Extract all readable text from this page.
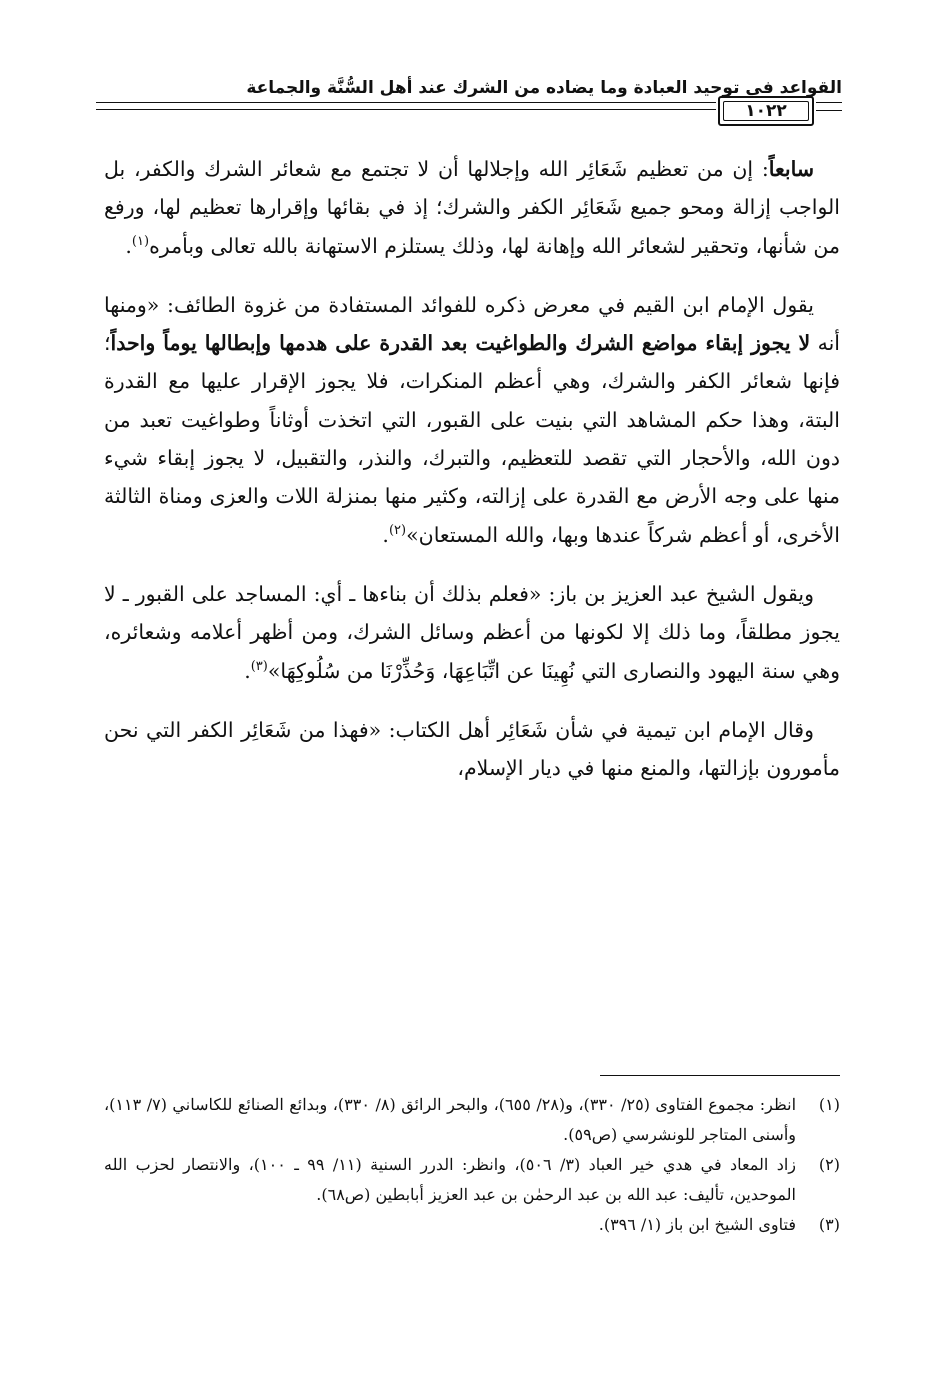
القواعد في توحيد العبادة وما يضاده من الشرك عند أهل السُّنَّة والجماعة
١٠٢٢

سابعاً: إن من تعظيم شَعَائِر الله وإجلالها أن لا تجتمع مع شعائر الشرك والكفر، بل الواجب إزالة ومحو جميع شَعَائِر الكفر والشرك؛ إذ في بقائها وإقرارها تعظيم لها، ورفع من شأنها، وتحقير لشعائر الله وإهانة لها، وذلك يستلزم الاستهانة بالله تعالى وبأمره$^{(١)}$.

يقول الإمام ابن القيم في معرض ذكره للفوائد المستفادة من غزوة الطائف: «ومنها أنه لا يجوز إبقاء مواضع الشرك والطواغيت بعد القدرة على هدمها وإبطالها يوماً واحداً؛ فإنها شعائر الكفر والشرك، وهي أعظم المنكرات، فلا يجوز الإقرار عليها مع القدرة البتة، وهذا حكم المشاهد التي بنيت على القبور، التي اتخذت أوثاناً وطواغيت تعبد من دون الله، والأحجار التي تقصد للتعظيم، والتبرك، والنذر، والتقبيل، لا يجوز إبقاء شيء منها على وجه الأرض مع القدرة على إزالته، وكثير منها بمنزلة اللات والعزى ومناة الثالثة الأخرى، أو أعظم شركاً عندها وبها، والله المستعان»$^{(٢)}$.

ويقول الشيخ عبد العزيز بن باز: «فعلم بذلك أن بناءها ـ أي: المساجد على القبور ـ لا يجوز مطلقاً، وما ذلك إلا لكونها من أعظم وسائل الشرك، ومن أظهر أعلامه وشعائره، وهي سنة اليهود والنصارى التي نُهِينَا عن اتِّبَاعِهَا، وَحُذِّرْنَا من سُلُوكِهَا»$^{(٣)}$.

وقال الإمام ابن تيمية في شأن شَعَائِر أهل الكتاب: «فهذا من شَعَائِر الكفر التي نحن مأمورون بإزالتها، والمنع منها في ديار الإسلام،

(١)
انظر: مجموع الفتاوى (٢٥/ ٣٣٠)، و(٢٨/ ٦٥٥)، والبحر الرائق (٨/ ٣٣٠)، وبدائع الصنائع للكاساني (٧/ ١١٣)، وأسنى المتاجر للونشرسي (ص٥٩).
(٢)
زاد المعاد في هدي خير العباد (٣/ ٥٠٦)، وانظر: الدرر السنية (١١/ ٩٩ ـ ١٠٠)، والانتصار لحزب الله الموحدين، تأليف: عبد الله بن عبد الرحمٰن بن عبد العزيز أبابطين (ص٦٨).
(٣)
فتاوى الشيخ ابن باز (١/ ٣٩٦).
